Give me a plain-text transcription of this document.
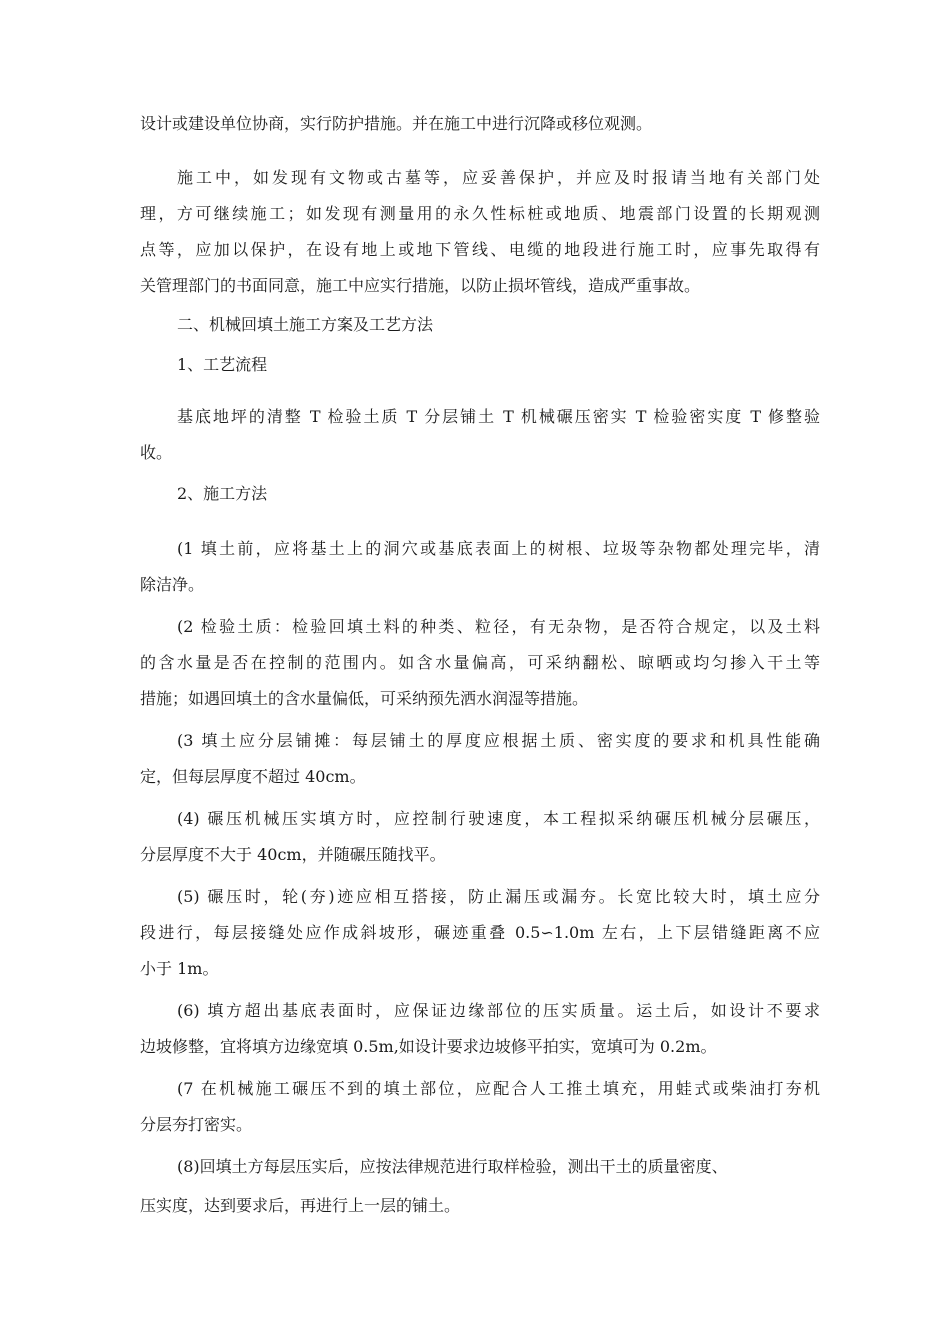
设计或建设单位协商，实行防护措施。并在施工中进行沉降或移位观测。
施工中，如发现有文物或古墓等，应妥善保护，并应及时报请当地有关部门处
理，方可继续施工；如发现有测量用的永久性标桩或地质、地震部门设置的长期观测
点等，应加以保护，在设有地上或地下管线、电缆的地段进行施工时，应事先取得有
关管理部门的书面同意，施工中应实行措施，以防止损坏管线，造成严重事故。
二、机械回填土施工方案及工艺方法
1、工艺流程
基底地坪的清整 T 检验土质 T 分层铺土 T 机械碾压密实 T 检验密实度 T 修整验
收。
2、施工方法
(1 填土前，应将基土上的洞穴或基底表面上的树根、垃圾等杂物都处理完毕，清
除洁净。
(2 检验土质：检验回填土料的种类、粒径，有无杂物，是否符合规定，以及土料
的含水量是否在控制的范围内。如含水量偏高，可采纳翻松、晾晒或均匀掺入干土等
措施；如遇回填土的含水量偏低，可采纳预先洒水润湿等措施。
(3 填土应分层铺摊：每层铺土的厚度应根据土质、密实度的要求和机具性能确
定，但每层厚度不超过 40cm。
(4) 碾压机械压实填方时，应控制行驶速度，本工程拟采纳碾压机械分层碾压，
分层厚度不大于 40cm，并随碾压随找平。
(5) 碾压时，轮(夯)迹应相互搭接，防止漏压或漏夯。长宽比较大时，填土应分
段进行，每层接缝处应作成斜坡形，碾迹重叠 0.5∽1.0m 左右，上下层错缝距离不应
小于 1m。
(6) 填方超出基底表面时，应保证边缘部位的压实质量。运土后，如设计不要求
边坡修整，宜将填方边缘宽填 0.5m,如设计要求边坡修平拍实，宽填可为 0.2m。
(7 在机械施工碾压不到的填土部位，应配合人工推土填充，用蛙式或柴油打夯机
分层夯打密实。
(8)回填土方每层压实后，应按法律规范进行取样检验，测出干土的质量密度、
压实度，达到要求后，再进行上一层的铺土。
